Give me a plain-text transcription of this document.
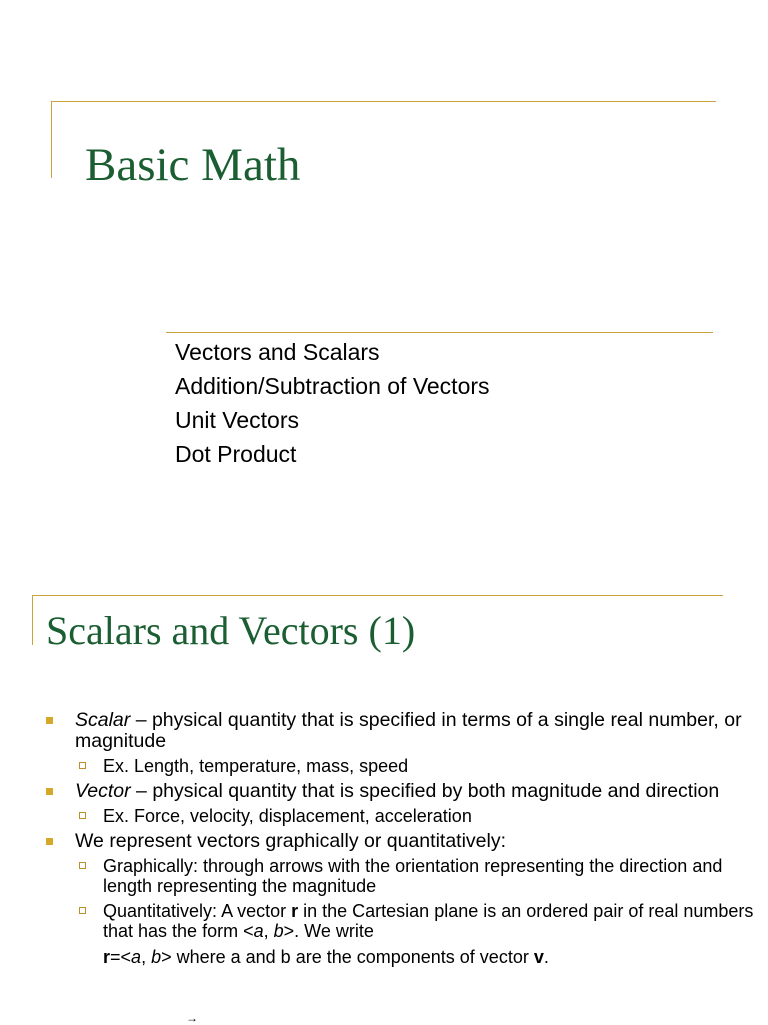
Basic Math
Vectors and Scalars
Addition/Subtraction of Vectors
Unit Vectors
Dot Product
Scalars and Vectors (1)
Scalar – physical quantity that is specified in terms of a single real number, or magnitude
Ex. Length, temperature, mass, speed
Vector – physical quantity that is specified by both magnitude and direction
Ex. Force, velocity, displacement, acceleration
We represent vectors graphically or quantitatively:
Graphically: through arrows with the orientation representing the direction and length representing the magnitude
Quantitatively: A vector r in the Cartesian plane is an ordered pair of real numbers that has the form <a, b>. We write
r=<a, b> where a and b are the components of vector v.
→
